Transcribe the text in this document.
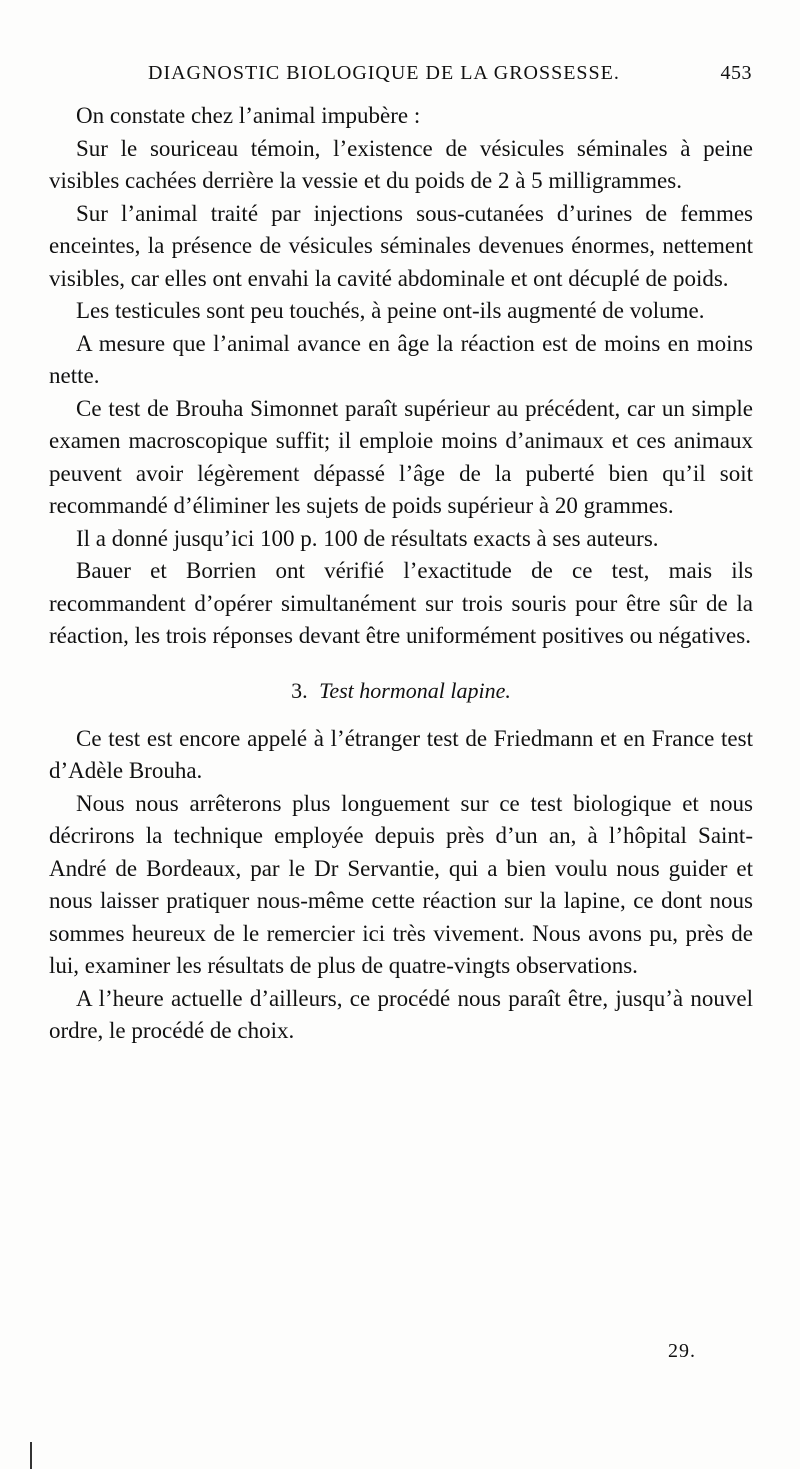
DIAGNOSTIC BIOLOGIQUE DE LA GROSSESSE.	453

On constate chez l’animal impubère :

Sur le souriceau témoin, l’existence de vésicules séminales à peine visibles cachées derrière la vessie et du poids de 2 à 5 milligrammes.

Sur l’animal traité par injections sous-cutanées d’urines de femmes enceintes, la présence de vésicules séminales devenues énormes, nettement visibles, car elles ont envahi la cavité abdominale et ont décuplé de poids.

Les testicules sont peu touchés, à peine ont-ils augmenté de volume.

A mesure que l’animal avance en âge la réaction est de moins en moins nette.

Ce test de Brouha Simonnet paraît supérieur au précédent, car un simple examen macroscopique suffit; il emploie moins d’animaux et ces animaux peuvent avoir légèrement dépassé l’âge de la puberté bien qu’il soit recommandé d’éliminer les sujets de poids supérieur à 20 grammes.

Il a donné jusqu’ici 100 p. 100 de résultats exacts à ses auteurs.

Bauer et Borrien ont vérifié l’exactitude de ce test, mais ils recommandent d’opérer simultanément sur trois souris pour être sûr de la réaction, les trois réponses devant être uniformément positives ou négatives.

3. Test hormonal lapine.

Ce test est encore appelé à l’étranger test de Friedmann et en France test d’Adèle Brouha.

Nous nous arrêterons plus longuement sur ce test biologique et nous décrirons la technique employée depuis près d’un an, à l’hôpital Saint-André de Bordeaux, par le Dr Servantie, qui a bien voulu nous guider et nous laisser pratiquer nous-même cette réaction sur la lapine, ce dont nous sommes heureux de le remercier ici très vivement. Nous avons pu, près de lui, examiner les résultats de plus de quatre-vingts observations.

A l’heure actuelle d’ailleurs, ce procédé nous paraît être, jusqu’à nouvel ordre, le procédé de choix.

29.
